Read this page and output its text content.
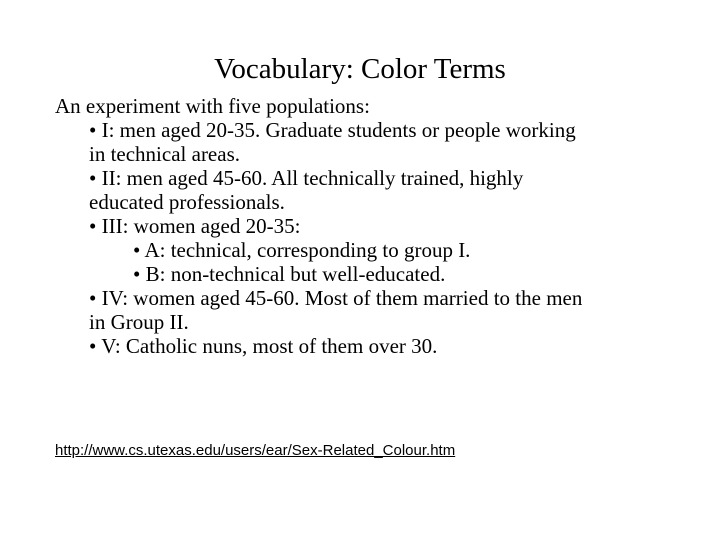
Vocabulary: Color Terms
An experiment with five populations:
• I: men aged 20-35. Graduate students or people working
in technical areas.
• II: men aged 45-60. All technically trained, highly
educated professionals.
• III: women aged 20-35:
• A: technical, corresponding to group I.
• B: non-technical but well-educated.
• IV: women aged 45-60. Most of them married to the men
in Group II.
• V: Catholic nuns, most of them over 30.
http://www.cs.utexas.edu/users/ear/Sex-Related_Colour.htm
